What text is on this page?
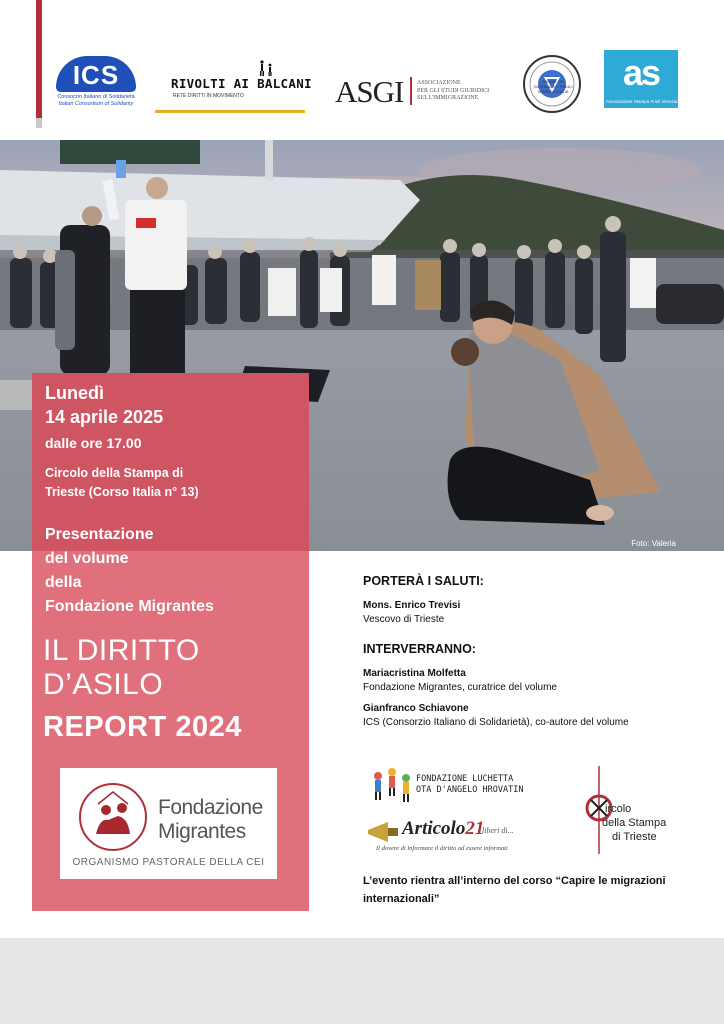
ICS
Consorzio Italiano di Solidarietà
Italian Consortium of Solidarity
RIVOLTI AI BALCANI
RETE DIRITTI IN MOVIMENTO	ASGI ASSOCIAZIONE
PER GLI STUDI GIURIDICI
SULL'IMMIGRAZIONE
ORDINE DEI GIORNALISTI FRIULI VENEZIA GIULIA	as
Associazione Stampa Friuli Venezia Giulia
Foto: Valeria
Lunedì
14 aprile 2025
dalle ore 17.00
Circolo della Stampa di
Trieste (Corso Italia n° 13)
Presentazione
del volume
della
Fondazione Migrantes
IL DIRITTO
D’ASILO
REPORT 2024
Fondazione
Migrantes
ORGANISMO PASTORALE DELLA CEI
PORTERÀ I SALUTI:
Mons. Enrico Trevisi
Vescovo di Trieste
INTERVERRANNO:
Mariacristina Molfetta
Fondazione Migrantes, curatrice del volume
Gianfranco Schiavone
ICS (Consorzio Italiano di Solidarietà), co-autore del volume
FONDAZIONE LUCHETTA
OTA D'ANGELO HROVATIN
Articolo21
liberi di...
Il dovere di informare il diritto ad essere informati
ircolo
della Stampa
di Trieste
L’evento rientra all’interno del corso “Capire le migrazioni internazionali”
